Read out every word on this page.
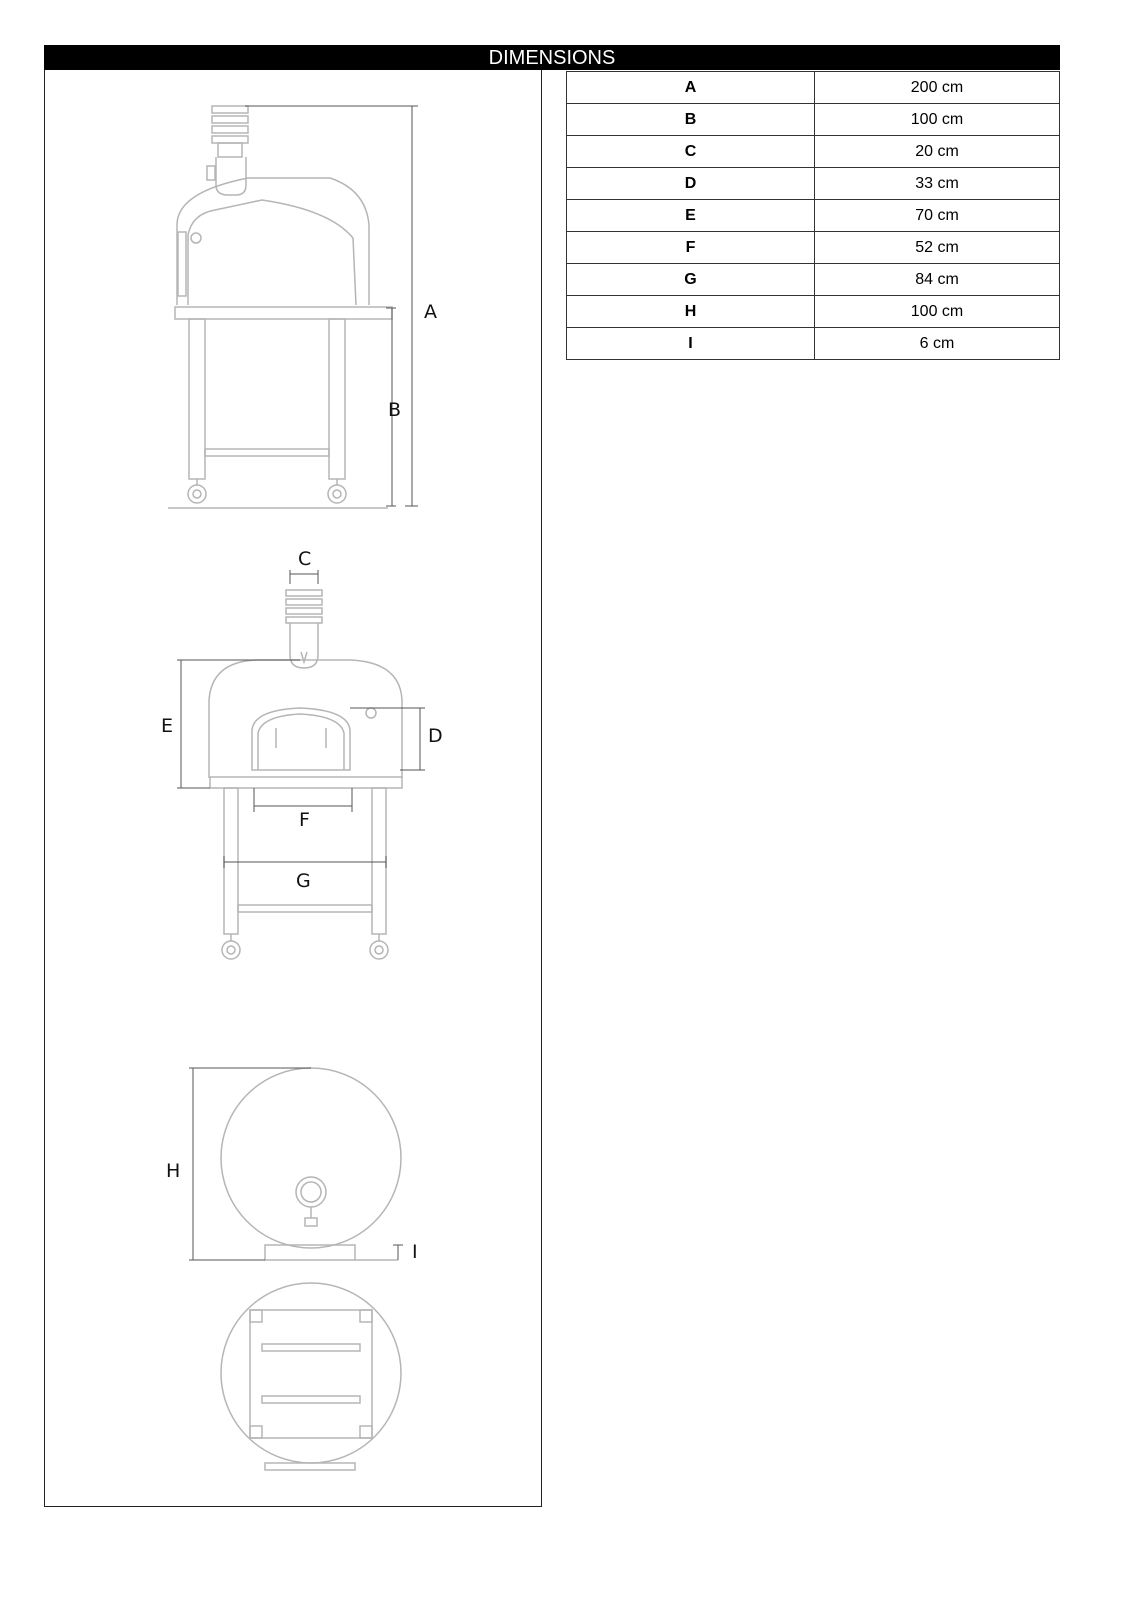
DIMENSIONS
A
B
C
D
E
F
G
H
I
A	200 cm
B	100 cm
C	20 cm
D	33 cm
E	70 cm
F	52 cm
G	84 cm
H	100 cm
I	6 cm
